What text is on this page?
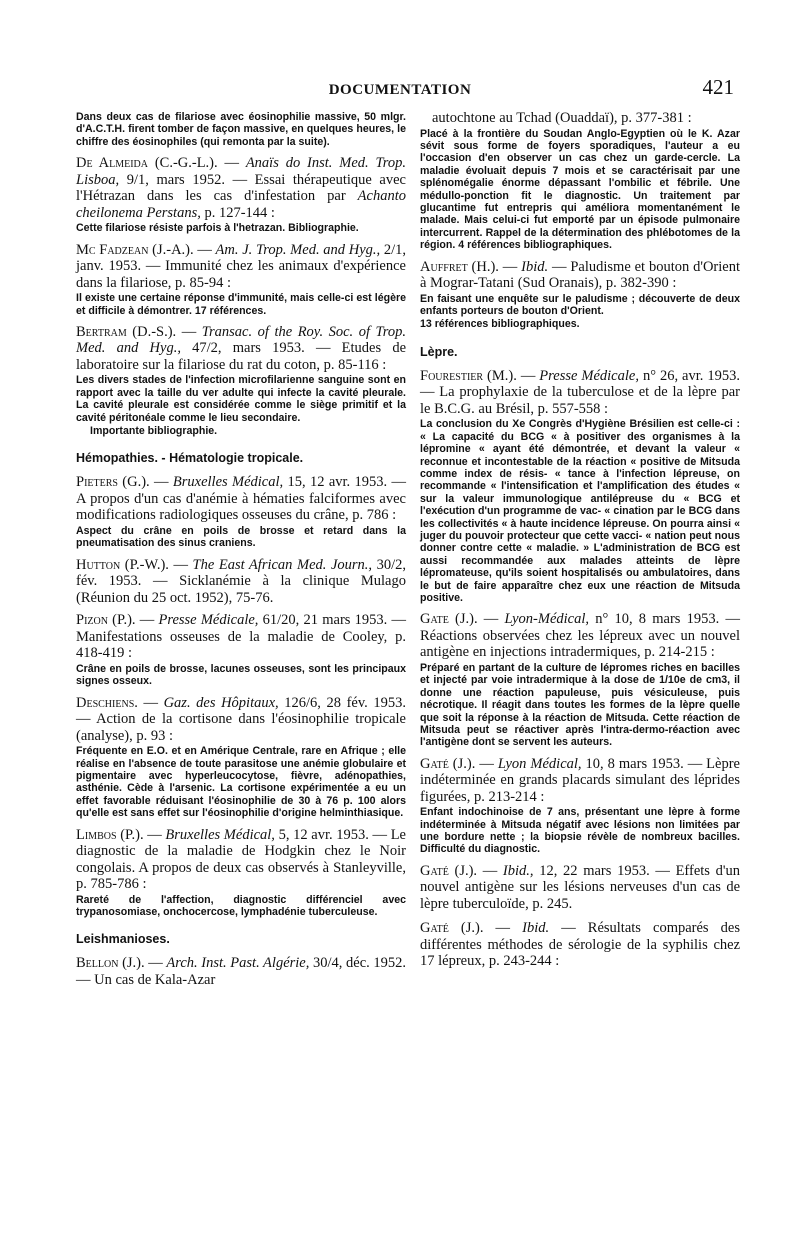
DOCUMENTATION	421
Dans deux cas de filariose avec éosinophilie massive, 50 mlgr. d'A.C.T.H. firent tomber de façon massive, en quelques heures, le chiffre des éosinophiles (qui remonta par la suite).

De Almeida (C.-G.-L.). — Anaïs do Inst. Med. Trop. Lisboa, 9/1, mars 1952. — Essai thérapeutique avec l'Hétrazan dans les cas d'infestation par Achanto cheilonema Perstans, p. 127-144 :

Cette filariose résiste parfois à l'hetrazan. Bibliographie.

Mc Fadzean (J.-A.). — Am. J. Trop. Med. and Hyg., 2/1, janv. 1953. — Immunité chez les animaux d'expérience dans la filariose, p. 85-94 :

Il existe une certaine réponse d'immunité, mais celle-ci est légère et difficile à démontrer. 17 références.

Bertram (D.-S.). — Transac. of the Roy. Soc. of Trop. Med. and Hyg., 47/2, mars 1953. — Etudes de laboratoire sur la filariose du rat du coton, p. 85-116 :

Les divers stades de l'infection microfilarienne sanguine sont en rapport avec la taille du ver adulte qui infecte la cavité pleurale. La cavité pleurale est considérée comme le siège primitif et la cavité péritonéale comme le lieu secondaire.
Importante bibliographie.
Hémopathies. - Hématologie tropicale.

Pieters (G.). — Bruxelles Médical, 15, 12 avr. 1953. — A propos d'un cas d'anémie à hématies falciformes avec modifications radiologiques osseuses du crâne, p. 786 :

Aspect du crâne en poils de brosse et retard dans la pneumatisation des sinus craniens.

Hutton (P.-W.). — The East African Med. Journ., 30/2, fév. 1953. — Sicklanémie à la clinique Mulago (Réunion du 25 oct. 1952), 75-76.

Pizon (P.). — Presse Médicale, 61/20, 21 mars 1953. — Manifestations osseuses de la maladie de Cooley, p. 418-419 :

Crâne en poils de brosse, lacunes osseuses, sont les principaux signes osseux.

Deschiens. — Gaz. des Hôpitaux, 126/6, 28 fév. 1953. — Action de la cortisone dans l'éosinophilie tropicale (analyse), p. 93 :

Fréquente en E.O. et en Amérique Centrale, rare en Afrique ; elle réalise en l'absence de toute parasitose une anémie globulaire et pigmentaire avec hyperleucocytose, fièvre, adénopathies, asthénie. Cède à l'arsenic. La cortisone expérimentée a eu un effet favorable réduisant l'éosinophilie de 30 à 76 p. 100 alors qu'elle est sans effet sur l'éosinophilie d'origine helminthiasique.

Limbos (P.). — Bruxelles Médical, 5, 12 avr. 1953. — Le diagnostic de la maladie de Hodgkin chez le Noir congolais. A propos de deux cas observés à Stanleyville, p. 785-786 :

Rareté de l'affection, diagnostic différenciel avec trypanosomiase, onchocercose, lymphadénie tuberculeuse.
Leishmanioses.

Bellon (J.). — Arch. Inst. Past. Algérie, 30/4, déc. 1952. — Un cas de Kala-Azar

autochtone au Tchad (Ouaddaï), p. 377-381 :

Placé à la frontière du Soudan Anglo-Egyptien où le K. Azar sévit sous forme de foyers sporadiques, l'auteur a eu l'occasion d'en observer un cas chez un garde-cercle. La maladie évoluait depuis 7 mois et se caractérisait par une splénomégalie énorme dépassant l'ombilic et fébrile. Une médullo-ponction fit le diagnostic. Un traitement par glucantime fut entrepris qui améliora momentanément le malade. Mais celui-ci fut emporté par un épisode pulmonaire intercurrent. Rappel de la détermination des phlébotomes de la région. 4 références bibliographiques.

Auffret (H.). — Ibid. — Paludisme et bouton d'Orient à Mograr-Tatani (Sud Oranais), p. 382-390 :

En faisant une enquête sur le paludisme ; découverte de deux enfants porteurs de bouton d'Orient.
13 références bibliographiques.
Lèpre.

Fourestier (M.). — Presse Médicale, n° 26, avr. 1953. — La prophylaxie de la tuberculose et de la lèpre par le B.C.G. au Brésil, p. 557-558 :

La conclusion du Xe Congrès d'Hygiène Brésilien est celle-ci : « La capacité du BCG « à positiver des organismes à la lépromine « ayant été démontrée, et devant la valeur « reconnue et incontestable de la réaction « positive de Mitsuda comme index de résis- « tance à l'infection lépreuse, on recommande « l'intensification et l'amplification des études « sur la valeur immunologique antilépreuse du « BCG et l'exécution d'un programme de vac- « cination par le BCG dans les collectivités « à haute incidence lépreuse. On pourra ainsi « juger du pouvoir protecteur que cette vacci- « nation peut nous donner contre cette « maladie. » L'administration de BCG est aussi recommandée aux malades atteints de lèpre lépromateuse, qu'ils soient hospitalisés ou ambulatoires, dans le but de faire apparaître chez eux une réaction de Mitsuda positive.

Gate (J.). — Lyon-Médical, n° 10, 8 mars 1953. — Réactions observées chez les lépreux avec un nouvel antigène en injections intradermiques, p. 214-215 :

Préparé en partant de la culture de lépromes riches en bacilles et injecté par voie intradermique à la dose de 1/10e de cm3, il donne une réaction papuleuse, puis vésiculeuse, puis nécrotique. Il réagit dans toutes les formes de la lèpre quelle que soit la réponse à la réaction de Mitsuda. Cette réaction de Mitsuda peut se réactiver après l'intra-dermo-réaction avec l'antigène dont se servent les auteurs.

Gaté (J.). — Lyon Médical, 10, 8 mars 1953. — Lèpre indéterminée en grands placards simulant des léprides figurées, p. 213-214 :

Enfant indochinoise de 7 ans, présentant une lèpre à forme indéterminée à Mitsuda négatif avec lésions non limitées par une bordure nette ; la biopsie révèle de nombreux bacilles. Difficulté du diagnostic.

Gaté (J.). — Ibid., 12, 22 mars 1953. — Effets d'un nouvel antigène sur les lésions nerveuses d'un cas de lèpre tuberculoïde, p. 245.

Gaté (J.). — Ibid. — Résultats comparés des différentes méthodes de sérologie de la syphilis chez 17 lépreux, p. 243-244 :
